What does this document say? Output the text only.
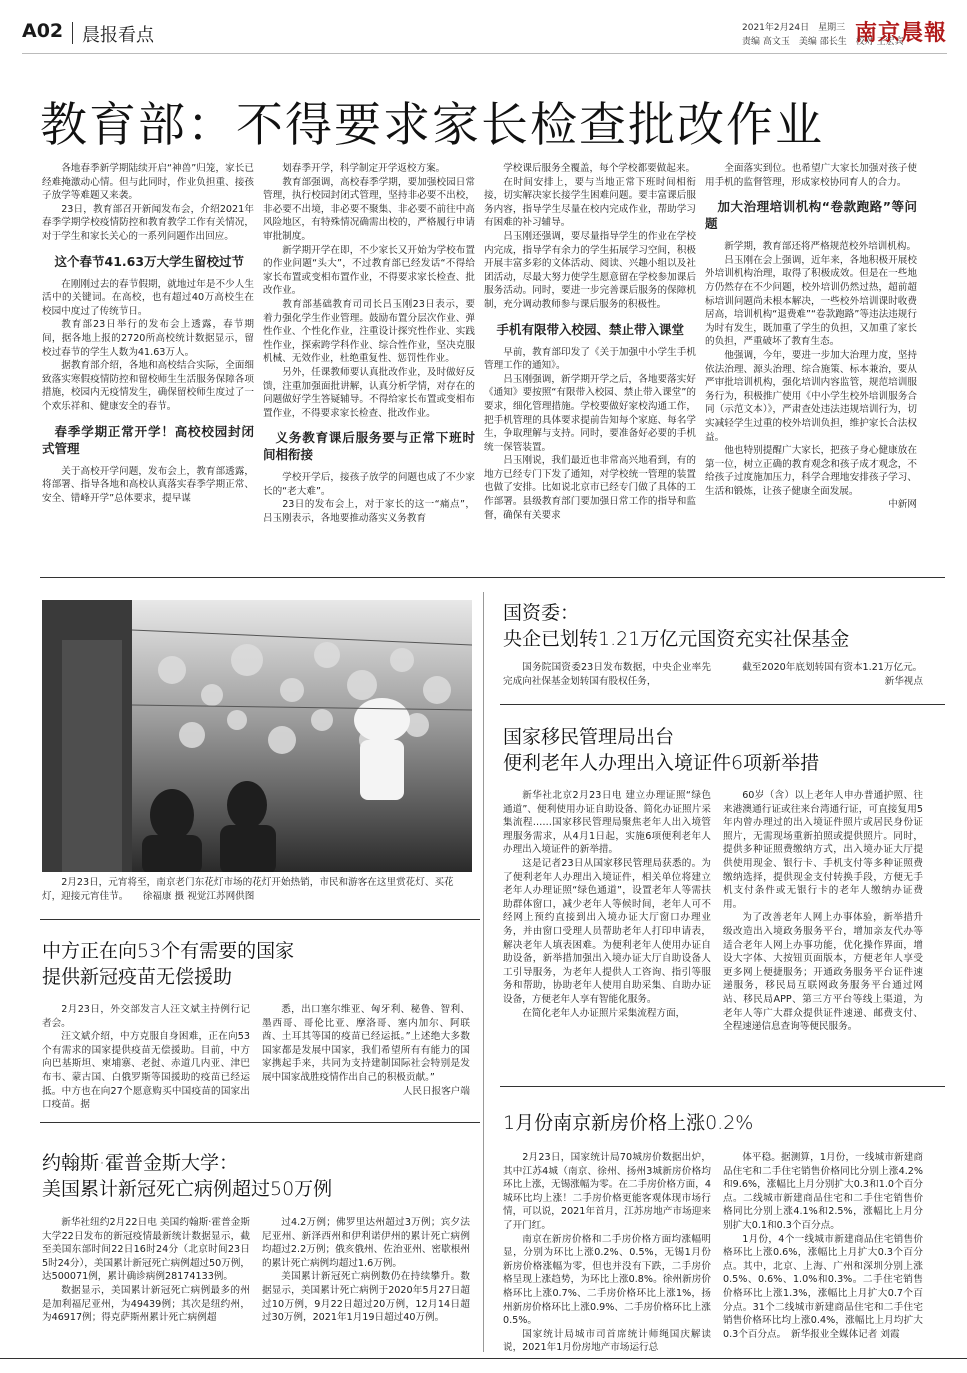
A02 晨报看点	2021年2月24日　星期三
责编 高文玉　美编 邵长生　校对 王宏宾
南京晨報
教育部：不得要求家长检查批改作业

各地春季新学期陆续开启“神兽”归笼，家长已经难掩激动心情。但与此同时，作业负担重、接孩子放学等难题又来袭。

23日，教育部召开新闻发布会，介绍2021年春季学期学校疫情防控和教育教学工作有关情况，对于学生和家长关心的一系列问题作出回应。

这个春节41.63万大学生留校过节

在刚刚过去的春节假期，就地过年是不少人生活中的关键词。在高校，也有超过40万高校生在校园中度过了传统节日。

教育部23日举行的发布会上透露，春节期间，据各地上报的2720所高校统计数据显示，留校过春节的学生人数为41.63万人。

据教育部介绍，各地和高校结合实际，全面细致落实寒假疫情防控和留校师生生活服务保障各项措施，校园内无疫情发生，确保留校师生度过了一个欢乐祥和、健康安全的春节。

春季学期正常开学！高校校园封闭式管理

关于高校开学问题，发布会上，教育部透露，将部署、指导各地和高校认真落实春季学期正常、安全、错峰开学”总体要求，提早谋

划春季开学，科学制定开学返校方案。

教育部强调，高校春季学期，要加强校园日常管理，执行校园封闭式管理，坚持非必要不出校，非必要不出境，非必要不聚集、非必要不前往中高风险地区，有特殊情况确需出校的，严格履行申请审批制度。

新学期开学在即，不少家长又开始为学校布置的作业问题“头大”，不过教育部已经发话“不得给家长布置或变相布置作业，不得要求家长检查、批改作业。

教育部基础教育司司长吕玉刚23日表示，要着力强化学生作业管理。鼓励布置分层次作业、弹性作业、个性化作业，注重设计探究性作业、实践性作业，探索跨学科作业、综合性作业，坚决克服机械、无效作业，杜绝重复性、惩罚性作业。

另外，任课教师要认真批改作业，及时做好反馈，注重加强面批讲解，认真分析学情，对存在的问题做好学生答疑辅导。不得给家长布置或变相布置作业，不得要求家长检查、批改作业。

义务教育课后服务要与正常下班时间相衔接

学校开学后，接孩子放学的问题也成了不少家长的“老大难”。

23日的发布会上，对于家长的这一“痛点”，吕玉刚表示，各地要推动落实义务教育

学校课后服务全覆盖，每个学校都要做起来。

在时间安排上，要与当地正常下班时间相衔接，切实解决家长接学生困难问题。要丰富课后服务内容，指导学生尽量在校内完成作业，帮助学习有困难的补习辅导。

吕玉刚还强调，要尽量指导学生的作业在学校内完成，指导学有余力的学生拓展学习空间，积极开展丰富多彩的文体活动、阅读、兴趣小组以及社团活动，尽最大努力使学生愿意留在学校参加课后服务活动。同时，要进一步完善课后服务的保障机制，充分调动教师参与课后服务的积极性。

手机有限带入校园、禁止带入课堂

早前，教育部印发了《关于加强中小学生手机管理工作的通知》。

吕玉刚强调，新学期开学之后，各地要落实好《通知》要按照“有限带入校园、禁止带入课堂”的要求，细化管理措施。学校要做好家校沟通工作，把手机管理的具体要求提前告知每个家庭、每名学生，争取理解与支持。同时，要准备好必要的手机统一保管装置。

吕玉刚说，我们最近也非常高兴地看到，有的地方已经专门下发了通知，对学校统一管理的装置也做了安排。比如说北京市已经专门做了具体的工作部署。县级教育部门要加强日常工作的指导和监督，确保有关要求

全面落实到位。也希望广大家长加强对孩子使用手机的监督管理，形成家校协同育人的合力。

加大治理培训机构“卷款跑路”等问题

新学期，教育部还将严格规范校外培训机构。

吕玉刚在会上强调，近年来，各地积极开展校外培训机构治理，取得了积极成效。但是在一些地方仍然存在不少问题，校外培训仍然过热，超前超标培训问题尚未根本解决，一些校外培训课时收费居高，培训机构“退费难”“卷款跑路”等违法违规行为时有发生，既加重了学生的负担，又加重了家长的负担，严重破坏了教育生态。

他强调，今年，要进一步加大治理力度，坚持依法治理、源头治理、综合施策、标本兼治，要从严审批培训机构，强化培训内容监管，规范培训服务行为，积极推广使用《中小学生校外培训服务合同（示范文本）》，严肃查处违法违规培训行为，切实减轻学生过重的校外培训负担，维护家长合法权益。

他也特别提醒广大家长，把孩子身心健康放在第一位，树立正确的教育观念和孩子成才观念，不给孩子过度施加压力，科学合理地安排孩子学习、生活和锻炼，让孩子健康全面发展。

中新网

2月23日，元宵将至，南京老门东花灯市场的花灯开始热销，市民和游客在这里赏花灯、买花灯，迎接元宵佳节。　　徐福康 摄 视觉江苏网供图
中方正在向53个有需要的国家
提供新冠疫苗无偿援助

2月23日，外交部发言人汪文斌主持例行记者会。

汪文斌介绍，中方克服自身困难，正在向53个有需求的国家提供疫苗无偿援助。目前，中方向巴基斯坦、柬埔寨、老挝、赤道几内亚、津巴布韦、蒙古国、白俄罗斯等国援助的疫苗已经运抵。中方也在向27个愿意购买中国疫苗的国家出口疫苗。据

悉，出口塞尔维亚、匈牙利、秘鲁、智利、墨西哥、哥伦比亚、摩洛哥、塞内加尔、阿联酋、土耳其等国的疫苗已经运抵。”上述绝大多数国家都是发展中国家，我们希望所有有能力的国家携起手来，共同为支持建制国际社会特别是发展中国家战胜疫情作出自己的积极贡献。”

人民日报客户端

约翰斯·霍普金斯大学：
美国累计新冠死亡病例超过50万例

新华社纽约2月22日电 美国约翰斯·霍普金斯大学22日发布的新冠疫情最新统计数据显示，截至美国东部时间22日16时24分（北京时间23日5时24分），美国累计新冠死亡病例超过50万例，达500071例，累计确诊病例28174133例。

数据显示，美国累计新冠死亡病例最多的州是加利福尼亚州，为49439例；其次是纽约州，为46917例；得克萨斯州累计死亡病例超

过4.2万例；佛罗里达州超过3万例；宾夕法尼亚州、新泽西州和伊利诺伊州的累计死亡病例均超过2.2万例；俄亥俄州、佐治亚州、密歇根州的累计死亡病例均超过1.6万例。

美国累计新冠死亡病例数仍在持续攀升。数据显示，美国累计死亡病例于2020年5月27日超过10万例，9月22日超过20万例，12月14日超过30万例，2021年1月19日超过40万例。

国资委：
央企已划转1.21万亿元国资充实社保基金

国务院国资委23日发布数据，中央企业率先完成向社保基金划转国有股权任务，

截至2020年底划转国有资本1.21万亿元。

新华视点

国家移民管理局出台
便利老年人办理出入境证件6项新举措

新华社北京2月23日电 建立办理证照“绿色通道”、便利使用办证自助设备、简化办证照片采集流程……国家移民管理局聚焦老年人出入境管理服务需求，从4月1日起，实施6项便利老年人办理出入境证件的新举措。

这是记者23日从国家移民管理局获悉的。为了便利老年人办理出入境证件，相关单位将建立老年人办理证照“绿色通道”，设置老年人等需扶助群体窗口，减少老年人等候时间，老年人可不经网上预约直接到出入境办证大厅窗口办理业务，并由窗口受理人员帮助老年人打印申请表，解决老年人填表困难。为便利老年人使用办证自助设备，新举措加强出入境办证大厅自助设备人工引导服务，为老年人提供人工咨询、指引等服务和帮助，协助老年人使用自助采集、自助办证设备，方便老年人享有智能化服务。

在简化老年人办证照片采集流程方面，

60岁（含）以上老年人申办普通护照、往来港澳通行证或往来台湾通行证，可直接复用5年内曾办理过的出入境证件照片或居民身份证照片，无需现场重新拍照或提供照片。同时，提供多种证照费缴纳方式，出入境办证大厅提供使用现金、银行卡、手机支付等多种证照费缴纳选择，提供现金支付转换手段，方便无手机支付条件或无银行卡的老年人缴纳办证费用。

为了改善老年人网上办事体验，新举措升级改造出入境政务服务平台，增加亲友代办等适合老年人网上办事功能，优化操作界面，增设大字体、大按钮页面版本，方便老年人享受更多网上便捷服务；开通政务服务平台证件速递服务，移民局互联网政务服务平台通过网站、移民局APP、第三方平台等线上渠道，为老年人等广大群众提供证件速递、邮费支付、全程速递信息查询等便民服务。

1月份南京新房价格上涨0.2%

2月23日，国家统计局70城房价数据出炉，其中江苏4城（南京、徐州、扬州3城新房价格均环比上涨，无锡涨幅为零。在二手房价格方面，4城环比均上涨！二手房价格更能客观体现市场行情，可以说，2021年首月，江苏房地产市场迎来了开门红。

南京在新房价格和二手房价格方面均涨幅明显，分别为环比上涨0.2%、0.5%，无锡1月份新房价格涨幅为零，但也并没有下跌，二手房价格呈现上涨趋势，为环比上涨0.8%。徐州新房价格环比上涨0.7%、二手房价格环比上涨1%，扬州新房价格环比上涨0.9%、二手房价格环比上涨0.5%。

国家统计局城市司首席统计师绳国庆解读说，2021年1月份房地产市场运行总

体平稳。据测算，1月份，一线城市新建商品住宅和二手住宅销售价格同比分别上涨4.2%和9.6%，涨幅比上月分别扩大0.3和1.0个百分点。二线城市新建商品住宅和二手住宅销售价格同比分别上涨4.1%和2.5%，涨幅比上月分别扩大0.1和0.3个百分点。

1月份，4个一线城市新建商品住宅销售价格环比上涨0.6%，涨幅比上月扩大0.3个百分点。其中，北京、上海、广州和深圳分别上涨0.5%、0.6%、1.0%和0.3%。二手住宅销售价格环比上涨1.3%，涨幅比上月扩大0.7个百分点。31个二线城市新建商品住宅和二手住宅销售价格环比均上涨0.4%，涨幅比上月均扩大0.3个百分点。　新华报业全媒体记者 刘霞
